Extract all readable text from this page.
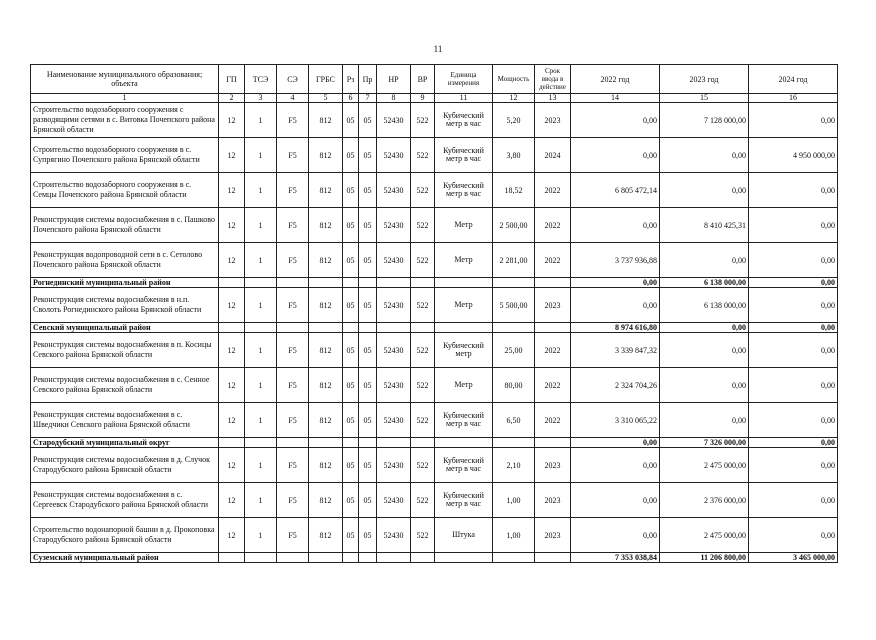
11
Наименование муниципального образования; объекта	ГП	ТСЭ	СЭ	ГРБС	Рз	Пр	НР	ВР	Единица измерения	Мощность	Срок ввода в действие	2022 год	2023 год	2024 год
1	2	3	4	5	6	7	8	9	11	12	13	14	15	16
Строительство водозаборного сооружения с разводящими сетями в с. Витовка Почепского района Брянской области	12	1	F5	812	05	05	52430	522	Кубический метр в час	5,20	2023	0,00	7 128 000,00	0,00
Строительство водозаборного сооружения в с. Супрягино Почепского района Брянской области	12	1	F5	812	05	05	52430	522	Кубический метр в час	3,80	2024	0,00	0,00	4 950 000,00
Строительство водозаборного сооружения в с. Семцы Почепского района Брянской области	12	1	F5	812	05	05	52430	522	Кубический метр в час	18,52	2022	6 805 472,14	0,00	0,00
Реконструкция системы водоснабжения в с. Пашково Почепского района Брянской области	12	1	F5	812	05	05	52430	522	Метр	2 500,00	2022	0,00	8 410 425,31	0,00
Реконструкция водопроводной сети в с. Сетолово Почепского района Брянской области	12	1	F5	812	05	05	52430	522	Метр	2 281,00	2022	3 737 936,88	0,00	0,00
Рогнединский муниципальный район												0,00	6 138 000,00	0,00
Реконструкция системы водоснабжения в н.п. Сволоть Рогнединского района Брянской области	12	1	F5	812	05	05	52430	522	Метр	5 500,00	2023	0,00	6 138 000,00	0,00
Севский муниципальный район												8 974 616,80	0,00	0,00
Реконструкция системы водоснабжения в п. Косицы Севского района Брянской области	12	1	F5	812	05	05	52430	522	Кубический метр	25,00	2022	3 339 847,32	0,00	0,00
Реконструкция системы водоснабжения в с. Сенное Севского района Брянской области	12	1	F5	812	05	05	52430	522	Метр	80,00	2022	2 324 704,26	0,00	0,00
Реконструкция системы водоснабжения в с. Шведчики Севского района Брянской области	12	1	F5	812	05	05	52430	522	Кубический метр в час	6,50	2022	3 310 065,22	0,00	0,00
Стародубский муниципальный округ												0,00	7 326 000,00	0,00
Реконструкция системы водоснабжения в д. Случок Стародубского района Брянской области	12	1	F5	812	05	05	52430	522	Кубический метр в час	2,10	2023	0,00	2 475 000,00	0,00
Реконструкция системы водоснабжения в с. Сергеевск Стародубского района Брянской области	12	1	F5	812	05	05	52430	522	Кубический метр в час	1,00	2023	0,00	2 376 000,00	0,00
Строительство водонапорной башни в д. Прокоповка Стародубского района Брянской области	12	1	F5	812	05	05	52430	522	Штука	1,00	2023	0,00	2 475 000,00	0,00
Суземский муниципальный район												7 353 038,84	11 206 800,00	3 465 000,00
